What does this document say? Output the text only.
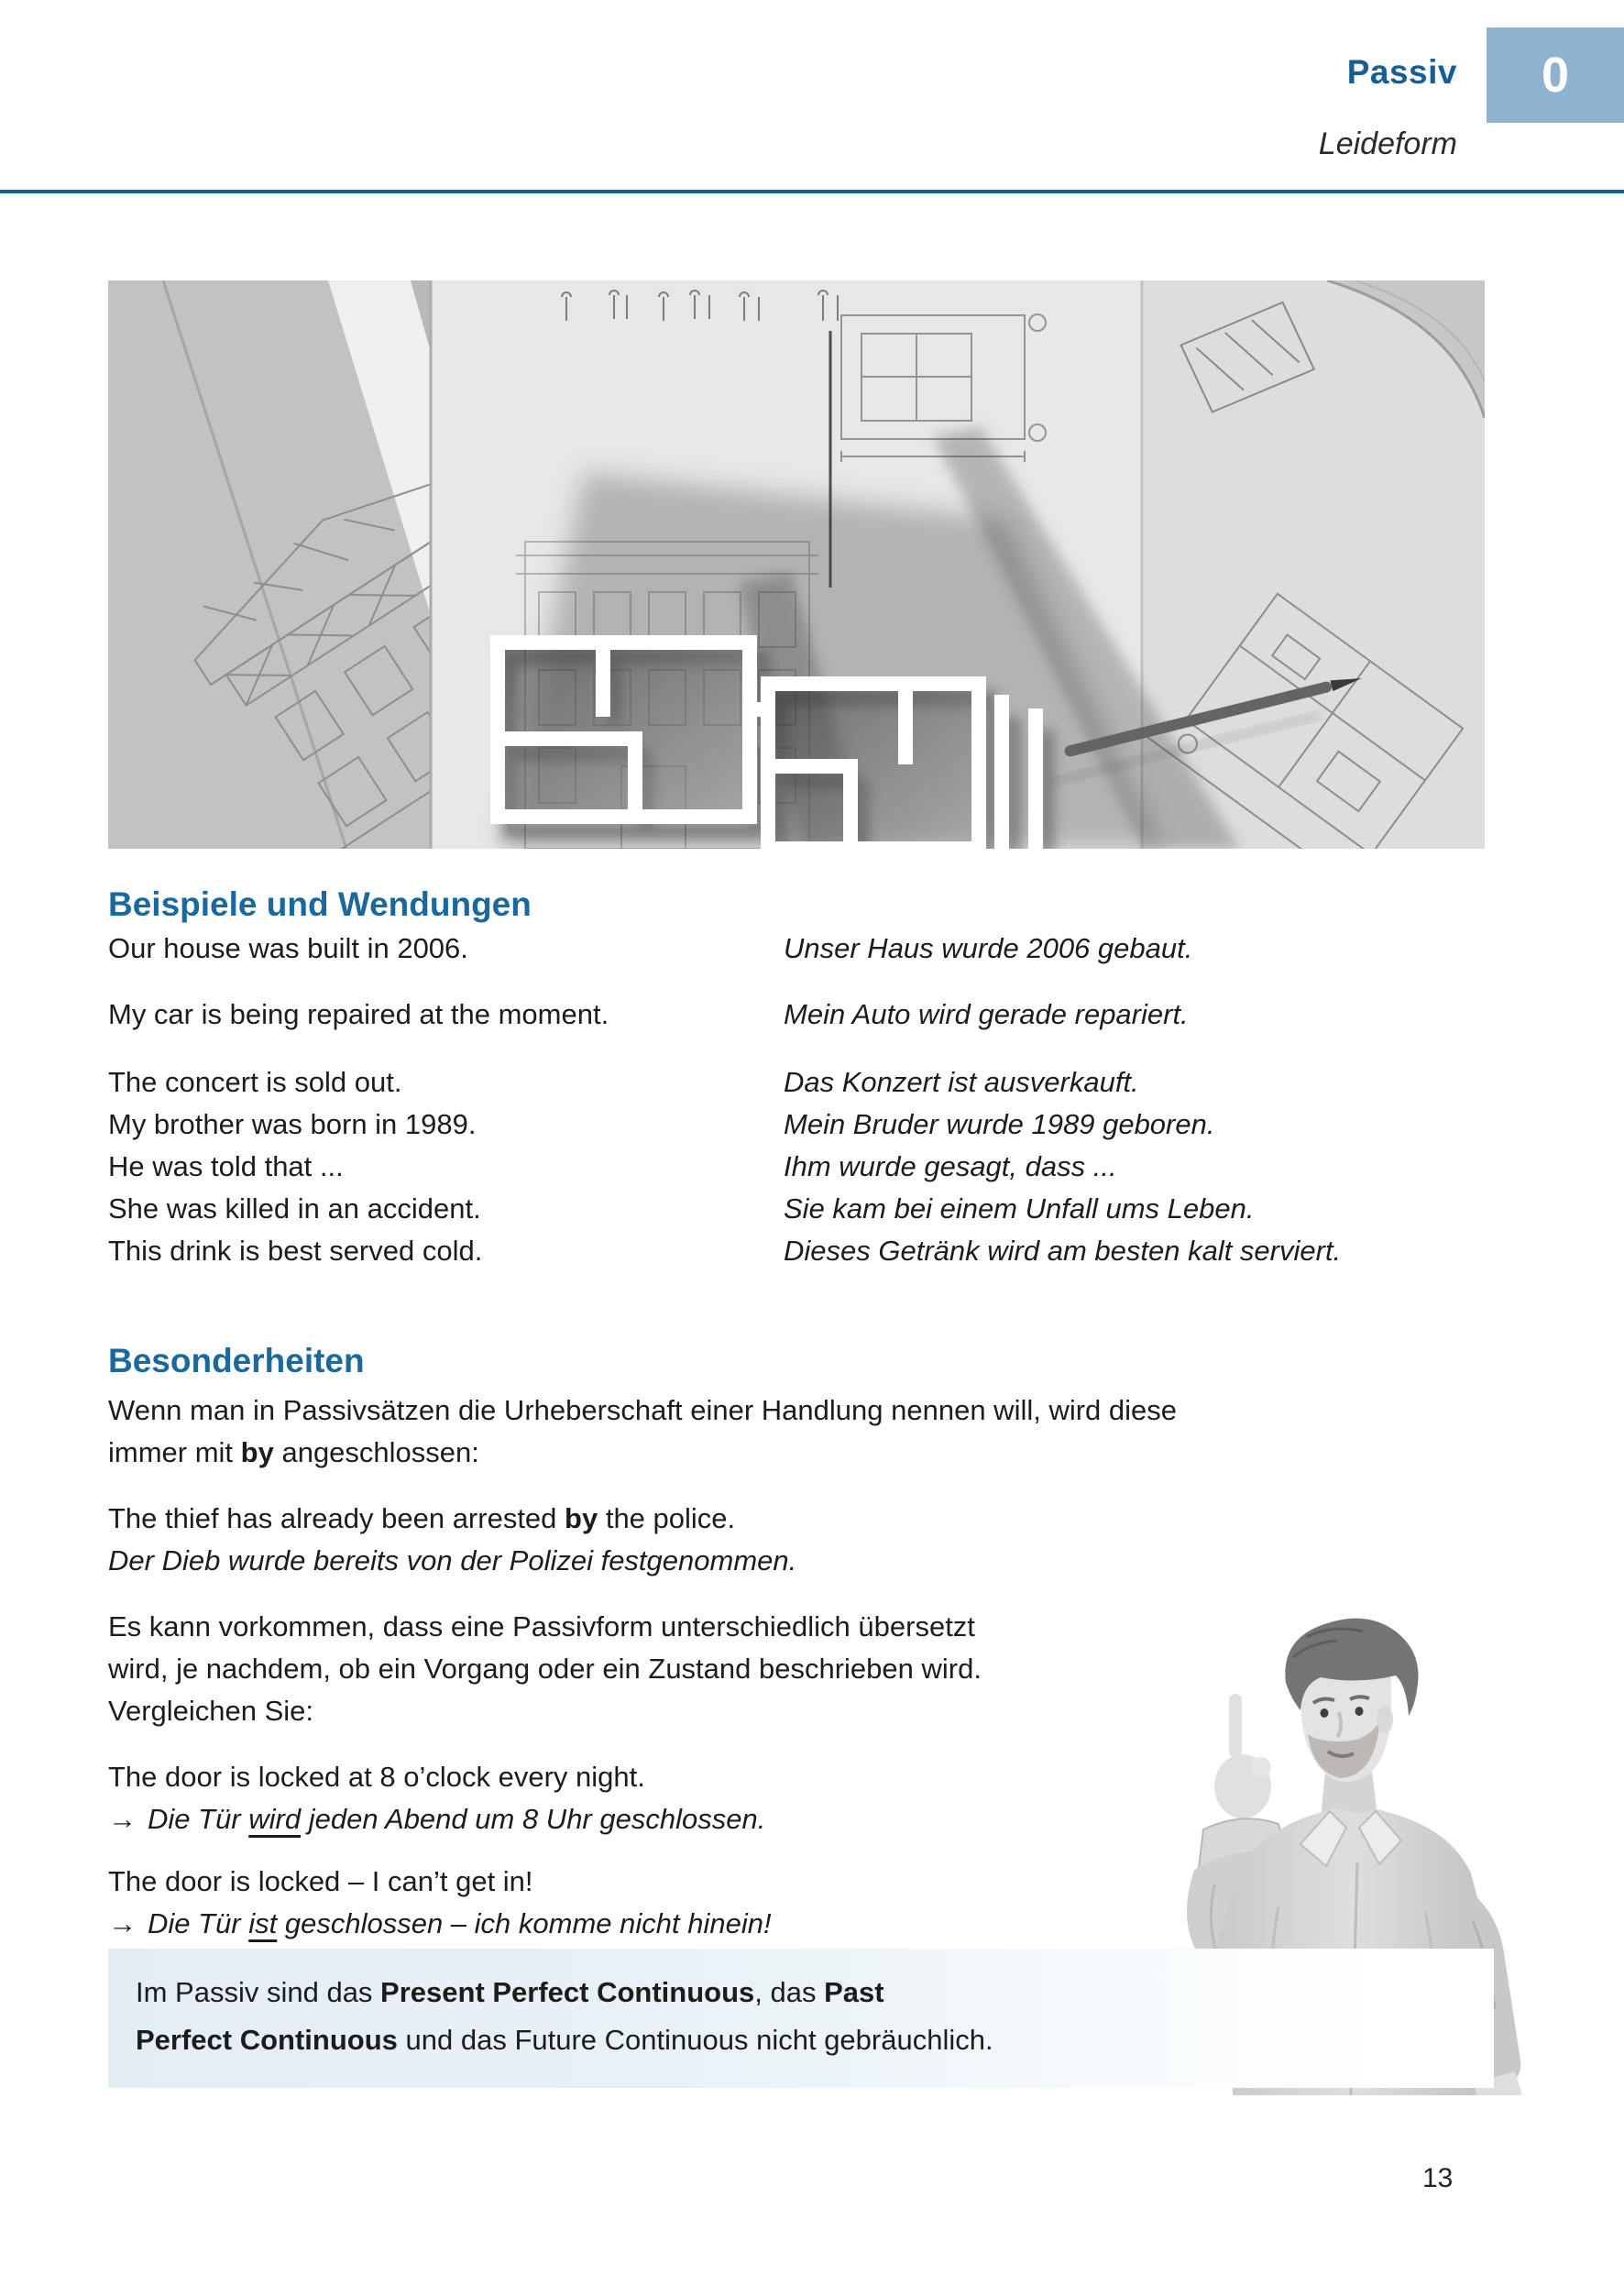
Passiv 0
Leideform
Beispiele und Wendungen
Our house was built in 2006.	Unser Haus wurde 2006 gebaut.
My car is being repaired at the moment.	Mein Auto wird gerade repariert.
The concert is sold out.	Das Konzert ist ausverkauft.
My brother was born in 1989.	Mein Bruder wurde 1989 geboren.
He was told that ...	Ihm wurde gesagt, dass ...
She was killed in an accident.	Sie kam bei einem Unfall ums Leben.
This drink is best served cold.	Dieses Getränk wird am besten kalt serviert.
Besonderheiten
Wenn man in Passivsätzen die Urheberschaft einer Handlung nennen will, wird diese
immer mit by angeschlossen:
The thief has already been arrested by the police.
Der Dieb wurde bereits von der Polizei festgenommen.
Es kann vorkommen, dass eine Passivform unterschiedlich übersetzt
wird, je nachdem, ob ein Vorgang oder ein Zustand beschrieben wird.
Vergleichen Sie:
The door is locked at 8 o’clock every night.
→ Die Tür wird jeden Abend um 8 Uhr geschlossen.
The door is locked – I can’t get in!
→ Die Tür ist geschlossen – ich komme nicht hinein!
Im Passiv sind das Present Perfect Continuous, das Past
Perfect Continuous und das Future Continuous nicht gebräuchlich.
13
